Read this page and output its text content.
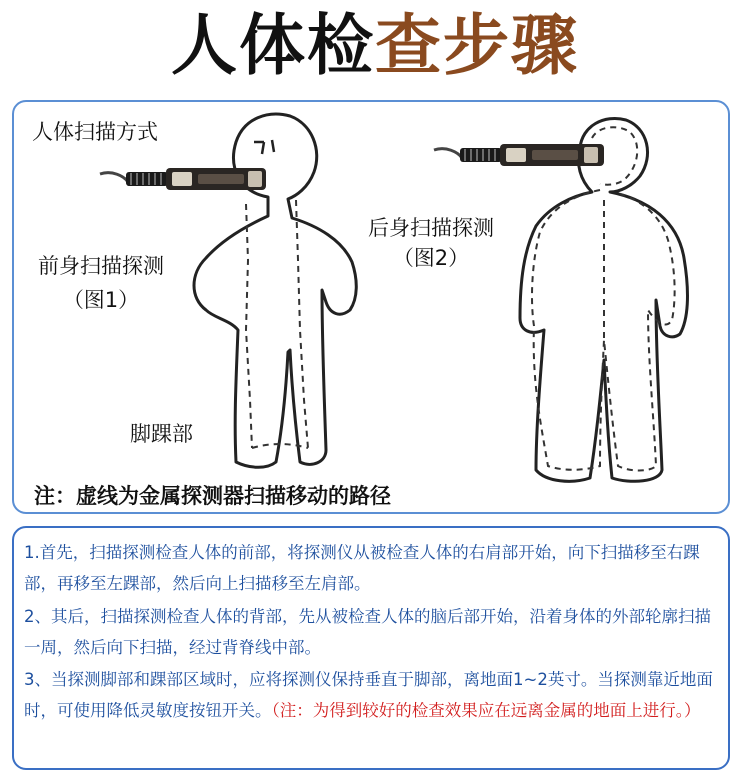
人体检查步骤
人体扫描方式
前身扫描探测
（图1）
后身扫描探测
（图2）
脚踝部
注：虚线为金属探测器扫描移动的路径
1.首先，扫描探测检查人体的前部，将探测仪从被检查人体的右肩部开始，向下扫描移至右踝部，再移至左踝部，然后向上扫描移至左肩部。
2、其后，扫描探测检查人体的背部，先从被检查人体的脑后部开始，沿着身体的外部轮廓扫描一周，然后向下扫描，经过背脊线中部。
3、当探测脚部和踝部区域时，应将探测仪保持垂直于脚部，离地面1~2英寸。当探测靠近地面时，可使用降低灵敏度按钮开关。（注：为得到较好的检查效果应在远离金属的地面上进行。）
